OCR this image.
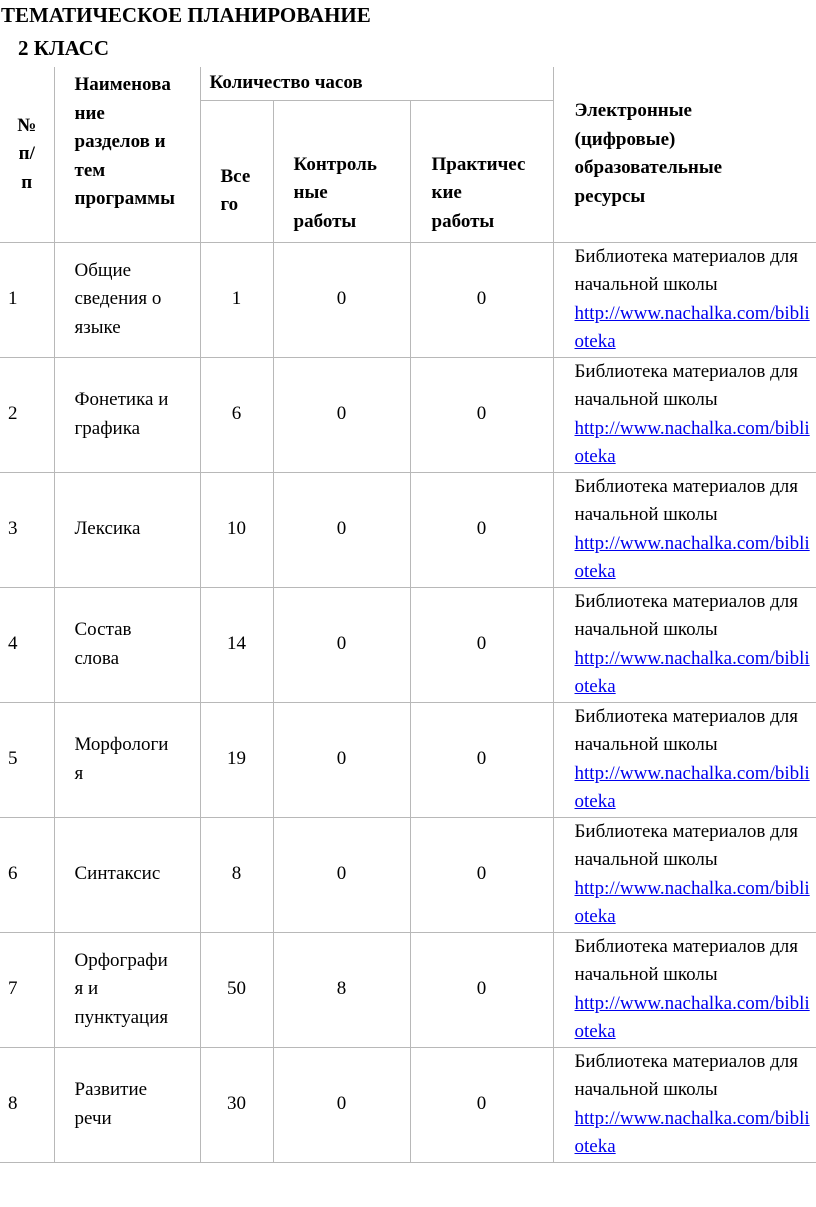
ТЕМАТИЧЕСКОЕ ПЛАНИРОВАНИЕ
2 КЛАСС
№
п/
п	Наименова
ние
разделов и
тем
программы	Количество часов			Электронные
(цифровые)
образовательные
ресурсы

		Все
го	Контроль
ные
работы	Практичес
кие
работы	

1	Общие
сведения о
языке	1	0	0	Библиотека материалов для начальной школы
http://www.nachalka.com/biblioteka
2	Фонетика и
графика	6	0	0	Библиотека материалов для начальной школы
http://www.nachalka.com/biblioteka
3	Лексика	10	0	0	Библиотека материалов для начальной школы
http://www.nachalka.com/biblioteka
4	Состав
слова	14	0	0	Библиотека материалов для начальной школы
http://www.nachalka.com/biblioteka
5	Морфологи
я	19	0	0	Библиотека материалов для начальной школы
http://www.nachalka.com/biblioteka
6	Синтаксис	8	0	0	Библиотека материалов для начальной школы
http://www.nachalka.com/biblioteka
7	Орфографи
я и
пунктуация	50	8	0	Библиотека материалов для начальной школы
http://www.nachalka.com/biblioteka
8	Развитие
речи	30	0	0	Библиотека материалов для начальной школы
http://www.nachalka.com/biblioteka
